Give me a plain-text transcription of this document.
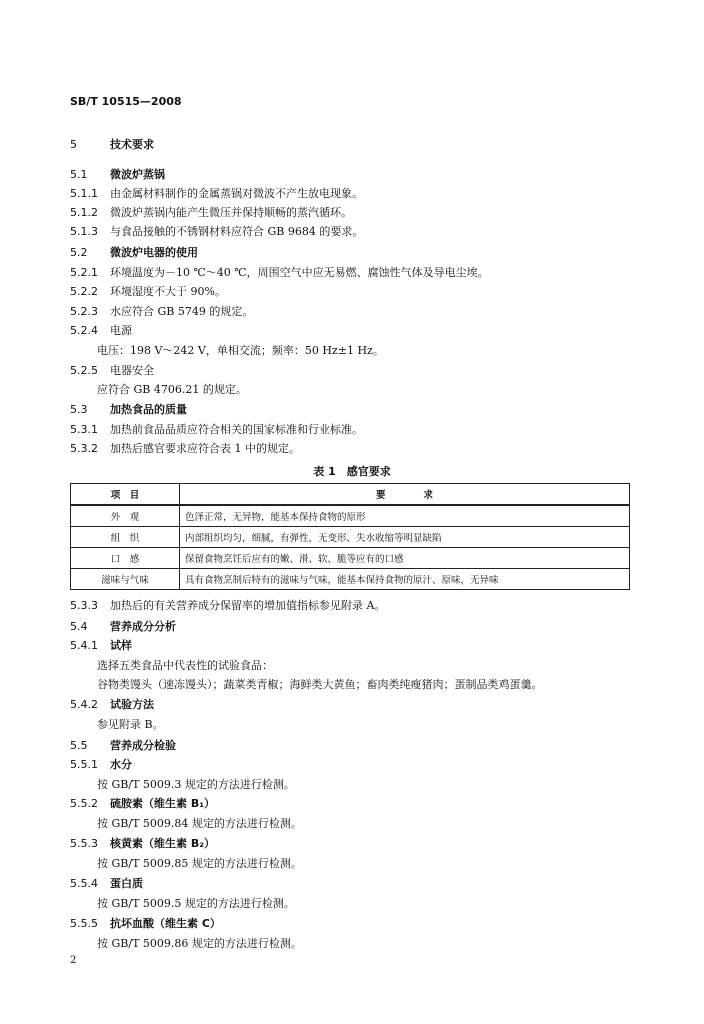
SB/T 10515—2008
5	技术要求
5.1 微波炉蒸锅
5.1.1 由金属材料制作的金属蒸锅对微波不产生放电现象。
5.1.2 微波炉蒸锅内能产生微压并保持顺畅的蒸汽循环。
5.1.3 与食品接触的不锈钢材料应符合 GB 9684 的要求。
5.2 微波炉电器的使用
5.2.1 环境温度为－10 ℃～40 ℃，周围空气中应无易燃、腐蚀性气体及导电尘埃。
5.2.2 环境湿度不大于 90%。
5.2.3 水应符合 GB 5749 的规定。
5.2.4 电源
电压：198 V～242 V，单相交流；频率：50 Hz±1 Hz。
5.2.5 电器安全
应符合 GB 4706.21 的规定。
5.3 加热食品的质量
5.3.1 加热前食品品质应符合相关的国家标准和行业标准。
5.3.2 加热后感官要求应符合表 1 中的规定。
表 1　感官要求
项　目	要　　　　求
外　观	色泽正常，无异物，能基本保持食物的原形
组　织	内部组织均匀，细腻，有弹性，无变形、失水收缩等明显缺陷
口　感	保留食物烹饪后应有的嫩、滑、软、脆等应有的口感
滋味与气味	具有食物烹制后特有的滋味与气味，能基本保持食物的原汁、原味，无异味
5.3.3 加热后的有关营养成分保留率的增加值指标参见附录 A。
5.4 营养成分分析
5.4.1 试样
选择五类食品中代表性的试验食品：
谷物类馒头（速冻馒头）；蔬菜类青椒；海鲜类大黄鱼；畜肉类纯瘦猪肉；蛋制品类鸡蛋羹。
5.4.2 试验方法
参见附录 B。
5.5 营养成分检验
5.5.1 水分
按 GB/T 5009.3 规定的方法进行检测。
5.5.2 硫胺素（维生素 B₁）
按 GB/T 5009.84 规定的方法进行检测。
5.5.3 核黄素（维生素 B₂）
按 GB/T 5009.85 规定的方法进行检测。
5.5.4 蛋白质
按 GB/T 5009.5 规定的方法进行检测。
5.5.5 抗坏血酸（维生素 C）
按 GB/T 5009.86 规定的方法进行检测。
2
